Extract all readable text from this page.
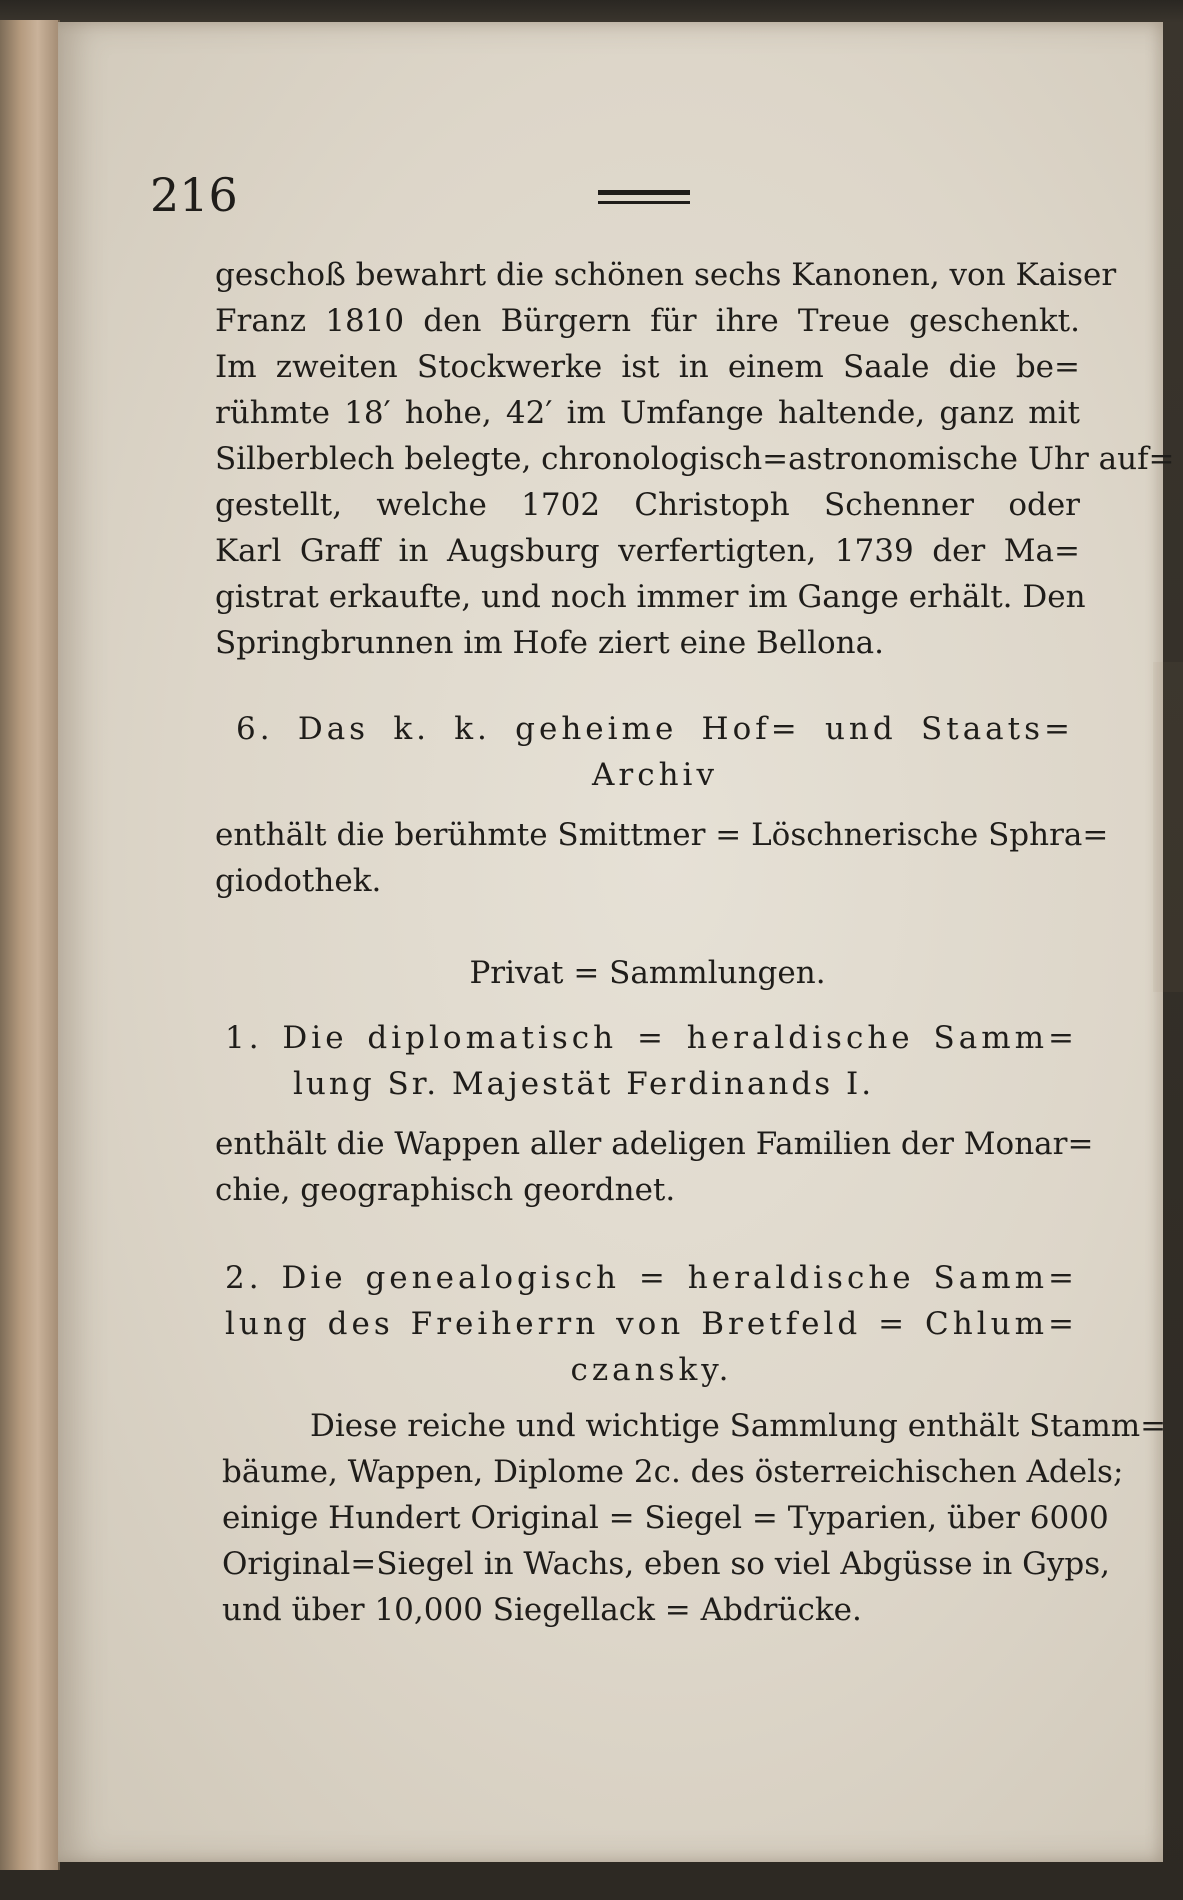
216
geschoß bewahrt die schönen sechs Kanonen, von Kaiser
Franz 1810 den Bürgern für ihre Treue geschenkt.
Im zweiten Stockwerke ist in einem Saale die be=
rühmte 18′ hohe, 42′ im Umfange haltende, ganz mit
Silberblech belegte, chronologisch=astronomische Uhr auf=
gestellt, welche 1702 Christoph Schenner oder
Karl Graff in Augsburg verfertigten, 1739 der Ma=
gistrat erkaufte, und noch immer im Gange erhält. Den
Springbrunnen im Hofe ziert eine Bellona.
6. Das k. k. geheime Hof= und Staats=
Archiv
enthält die berühmte Smittmer = Löschnerische Sphra=
giodothek.
Privat = Sammlungen.
1. Die diplomatisch = heraldische Samm=
lung Sr. Majestät Ferdinands I.
enthält die Wappen aller adeligen Familien der Monar=
chie, geographisch geordnet.
2. Die genealogisch = heraldische Samm=
lung des Freiherrn von Bretfeld = Chlum=
czansky.
Diese reiche und wichtige Sammlung enthält Stamm=
bäume, Wappen, Diplome 2c. des österreichischen Adels;
einige Hundert Original = Siegel = Typarien, über 6000
Original=Siegel in Wachs, eben so viel Abgüsse in Gyps,
und über 10,000 Siegellack = Abdrücke.
